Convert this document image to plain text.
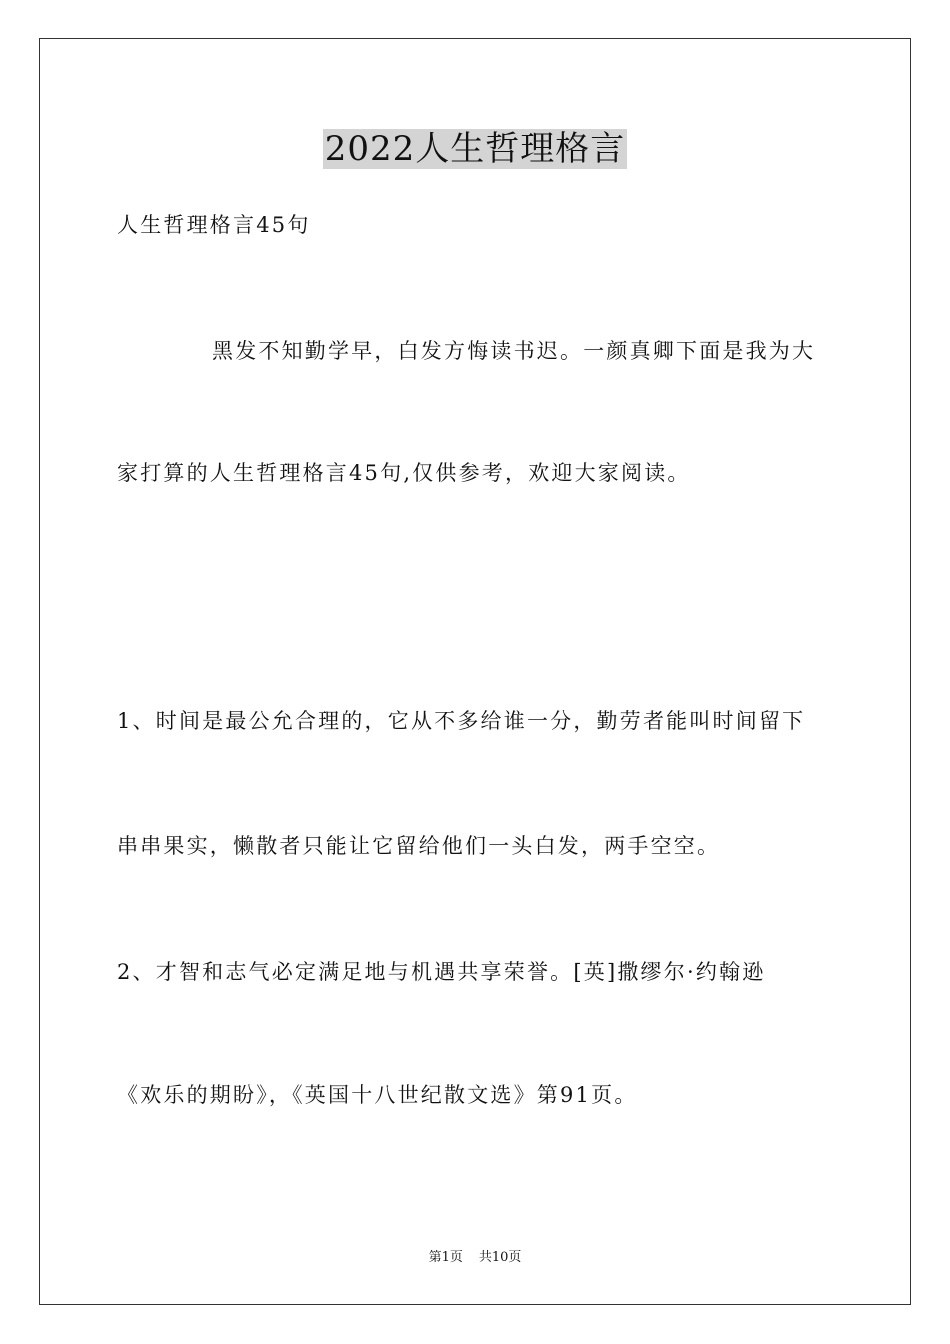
2022人生哲理格言
人生哲理格言45句
黑发不知勤学早，白发方悔读书迟。一颜真卿下面是我为大
家打算的人生哲理格言45句,仅供参考，欢迎大家阅读。
1、时间是最公允合理的，它从不多给谁一分，勤劳者能叫时间留下
串串果实，懒散者只能让它留给他们一头白发，两手空空。
2、才智和志气必定满足地与机遇共享荣誉。[英]撒缪尔·约翰逊
《欢乐的期盼》，《英国十八世纪散文选》第91页。
第1页 共10页
